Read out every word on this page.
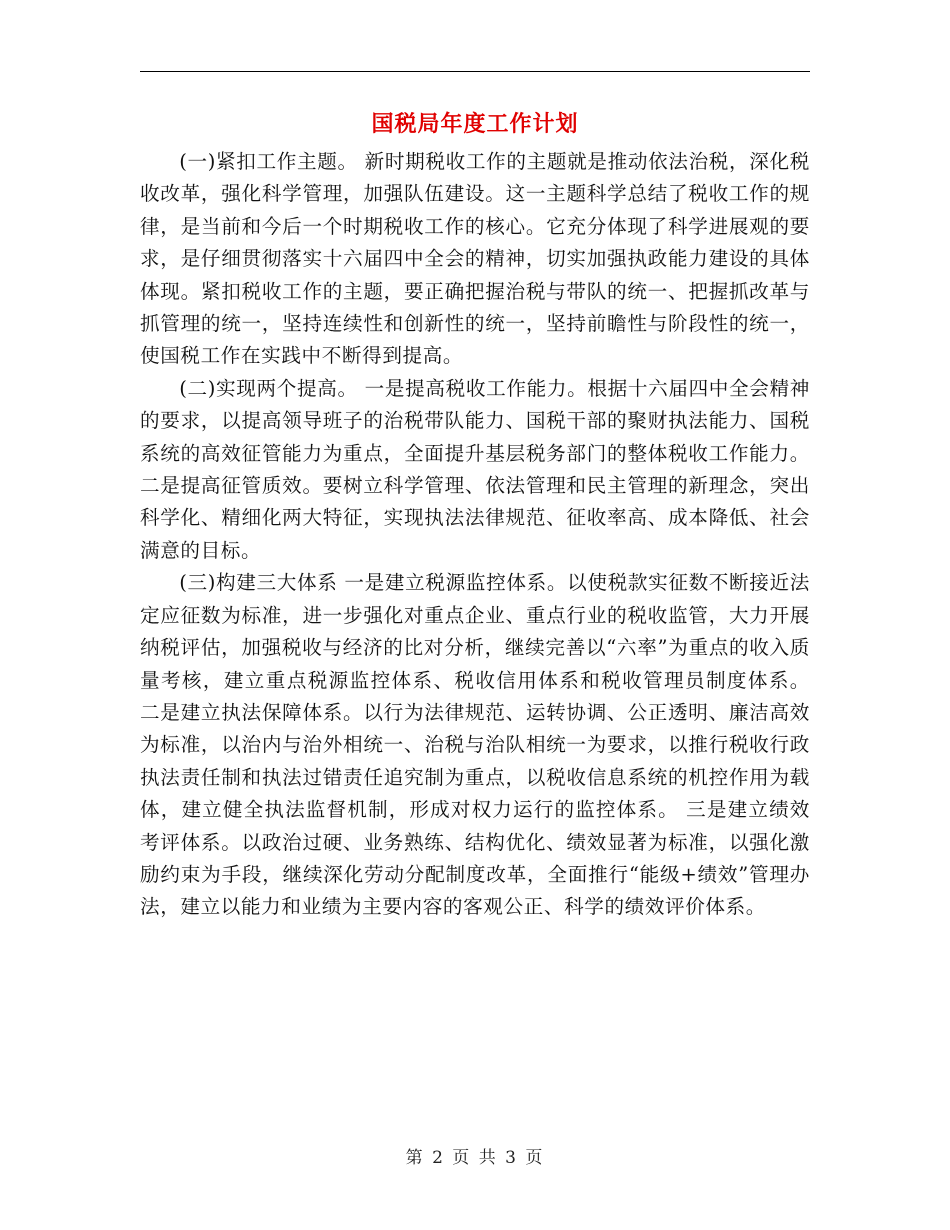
国税局年度工作计划

(一)紧扣工作主题。 新时期税收工作的主题就是推动依法治税，深化税收改革，强化科学管理，加强队伍建设。这一主题科学总结了税收工作的规律，是当前和今后一个时期税收工作的核心。它充分体现了科学进展观的要求，是仔细贯彻落实十六届四中全会的精神，切实加强执政能力建设的具体体现。紧扣税收工作的主题，要正确把握治税与带队的统一、把握抓改革与抓管理的统一，坚持连续性和创新性的统一，坚持前瞻性与阶段性的统一，使国税工作在实践中不断得到提高。

(二)实现两个提高。 一是提高税收工作能力。根据十六届四中全会精神的要求，以提高领导班子的治税带队能力、国税干部的聚财执法能力、国税系统的高效征管能力为重点，全面提升基层税务部门的整体税收工作能力。 二是提高征管质效。要树立科学管理、依法管理和民主管理的新理念，突出科学化、精细化两大特征，实现执法法律规范、征收率高、成本降低、社会满意的目标。

(三)构建三大体系 一是建立税源监控体系。以使税款实征数不断接近法定应征数为标准，进一步强化对重点企业、重点行业的税收监管，大力开展纳税评估，加强税收与经济的比对分析，继续完善以“六率”为重点的收入质量考核，建立重点税源监控体系、税收信用体系和税收管理员制度体系。 二是建立执法保障体系。以行为法律规范、运转协调、公正透明、廉洁高效为标准，以治内与治外相统一、治税与治队相统一为要求，以推行税收行政执法责任制和执法过错责任追究制为重点，以税收信息系统的机控作用为载体，建立健全执法监督机制，形成对权力运行的监控体系。 三是建立绩效考评体系。以政治过硬、业务熟练、结构优化、绩效显著为标准，以强化激励约束为手段，继续深化劳动分配制度改革，全面推行“能级+绩效”管理办法，建立以能力和业绩为主要内容的客观公正、科学的绩效评价体系。

第 2 页 共 3 页
